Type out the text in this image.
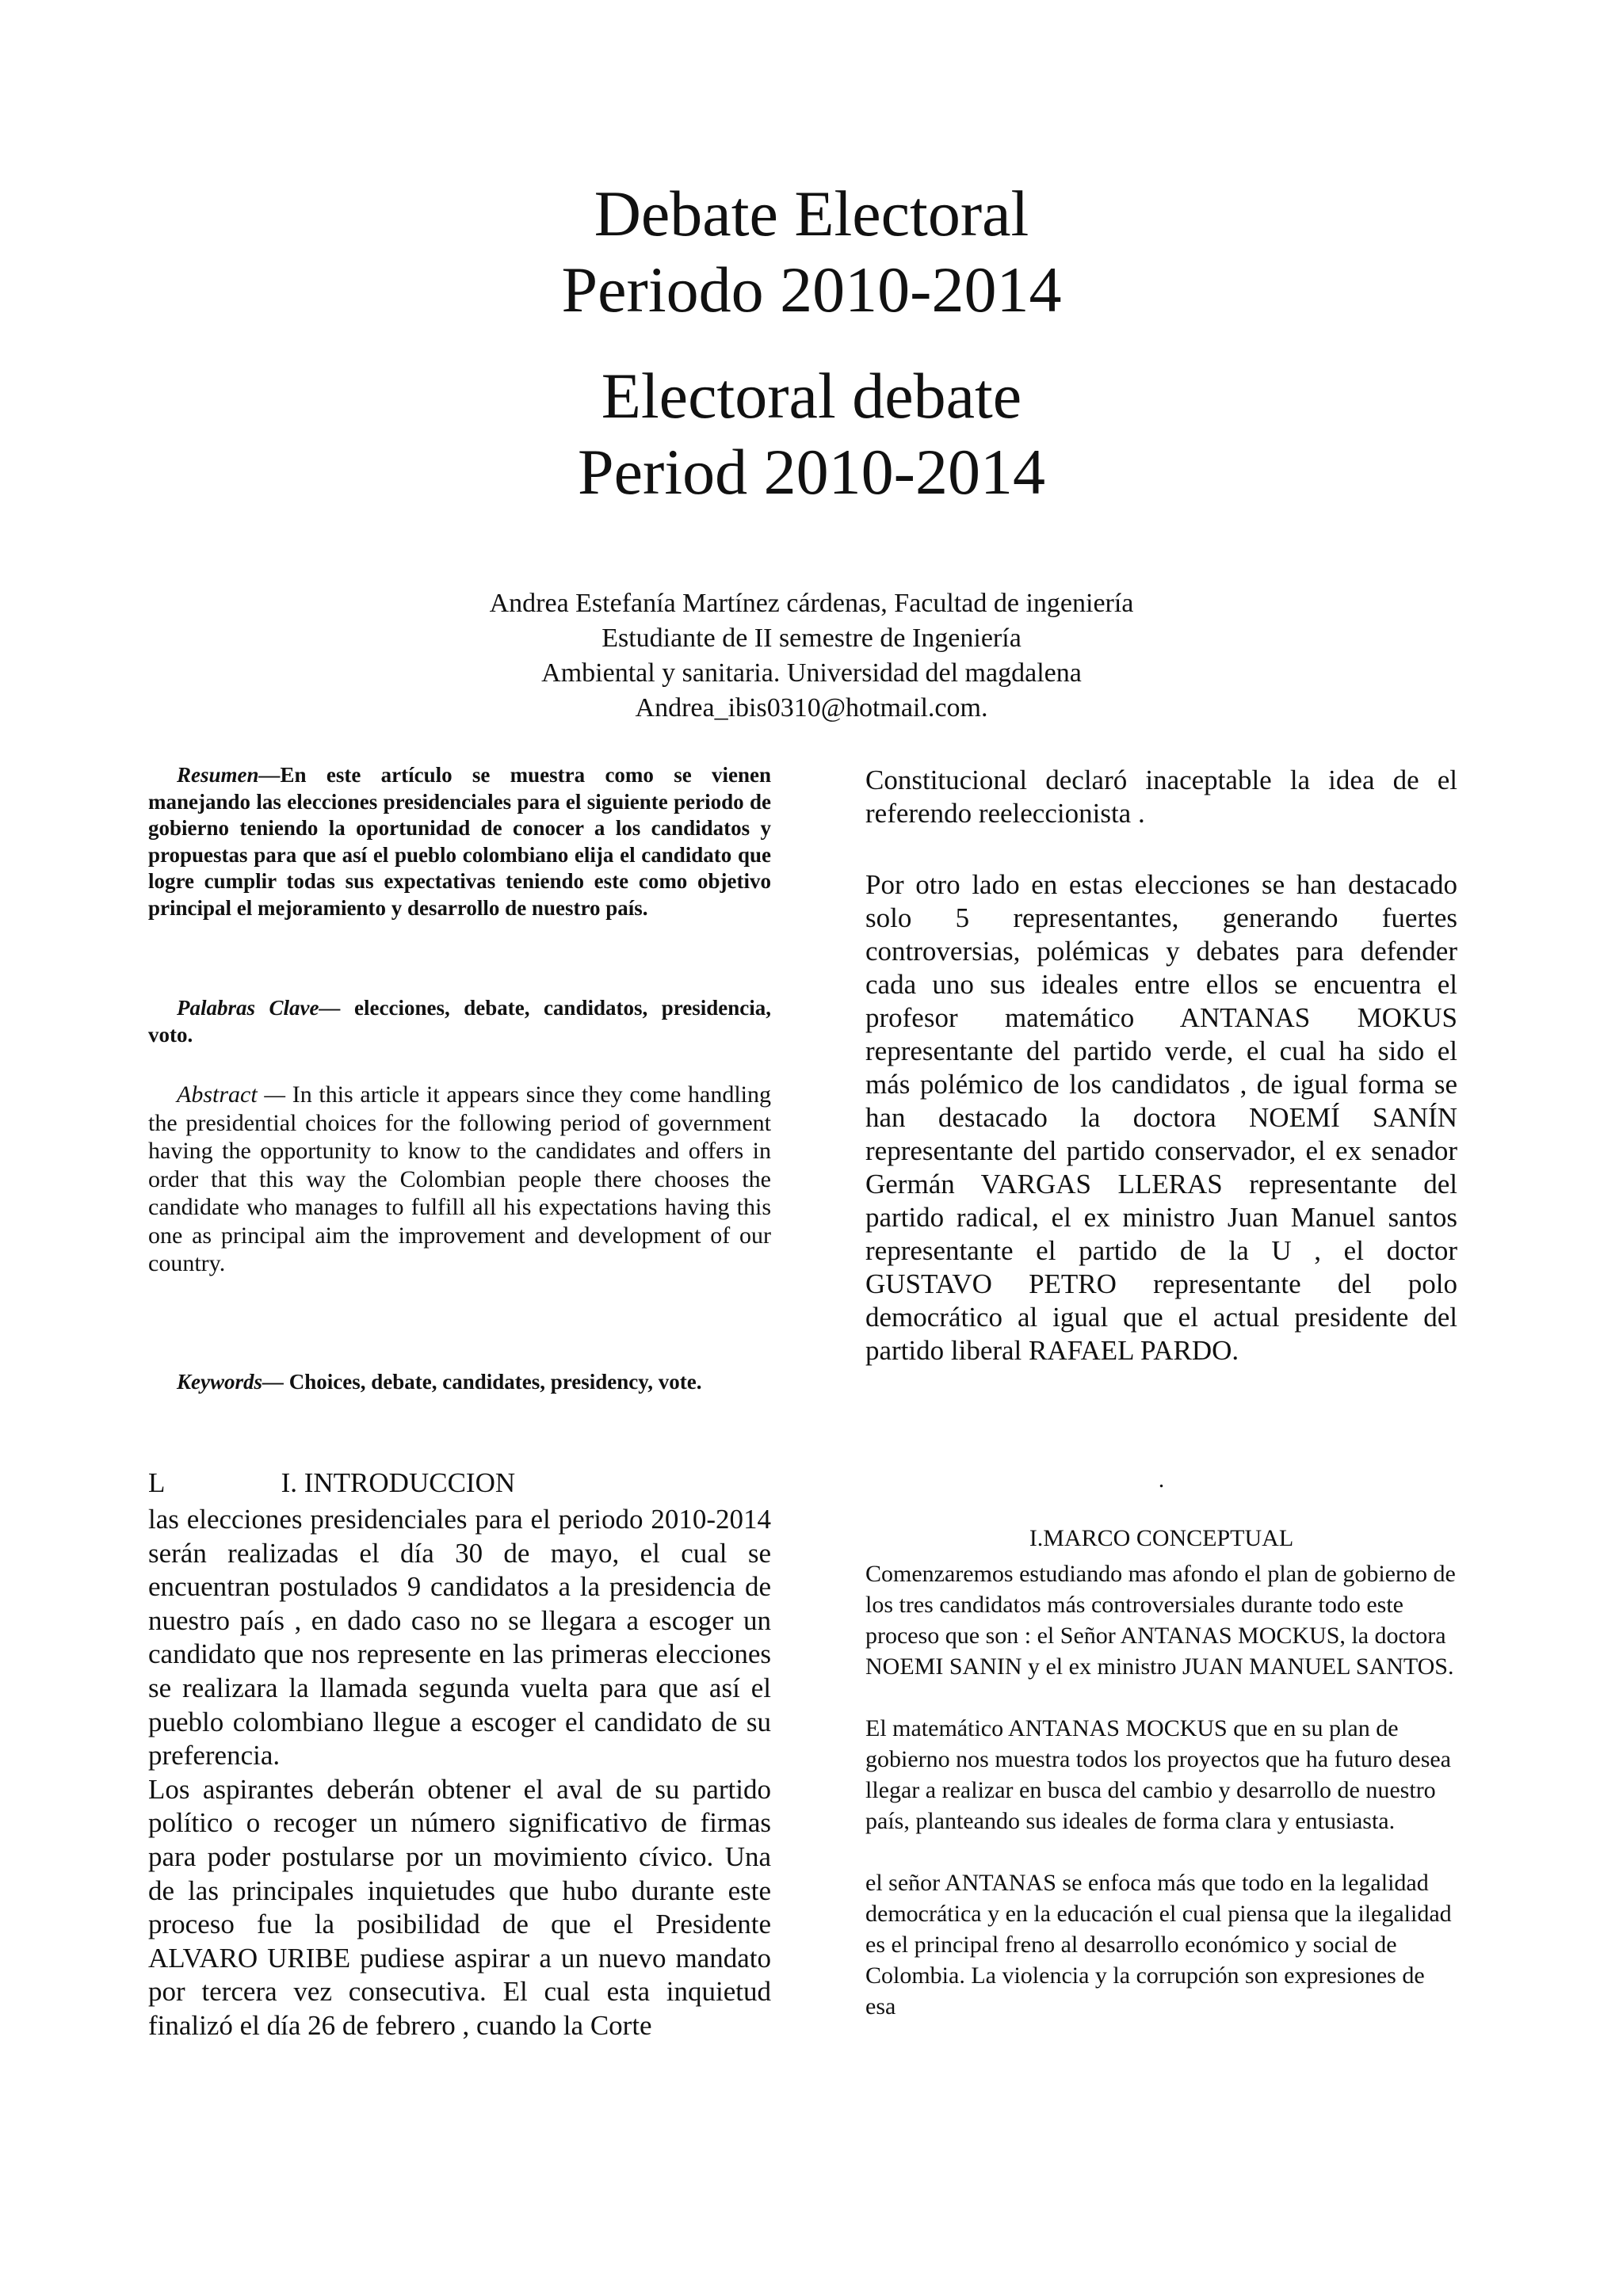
Debate Electoral
Periodo 2010-2014
Electoral debate
Period 2010-2014
Andrea Estefanía Martínez cárdenas, Facultad de ingeniería
Estudiante de II semestre de Ingeniería
Ambiental y sanitaria. Universidad del magdalena
Andrea_ibis0310@hotmail.com.

Resumen—En este artículo se muestra como se vienen manejando las elecciones presidenciales para el siguiente periodo de gobierno teniendo la oportunidad de conocer a los candidatos y propuestas para que así el pueblo colombiano elija el candidato que logre cumplir todas sus expectativas teniendo este como objetivo principal el mejoramiento y desarrollo de nuestro país.

Palabras Clave— elecciones, debate, candidatos, presidencia, voto.

Abstract — In this article it appears since they come handling the presidential choices for the following period of government having the opportunity to know to the candidates and offers in order that this way the Colombian people there chooses the candidate who manages to fulfill all his expectations having this one as principal aim the improvement and development of our country.

Keywords— Choices, debate, candidates, presidency, vote.

L	I. INTRODUCCION

las elecciones presidenciales para el periodo 2010-2014 serán realizadas el día 30 de mayo, el cual se encuentran postulados 9 candidatos a la presidencia de nuestro país , en dado caso no se llegara a escoger un candidato que nos represente en las primeras elecciones se realizara la llamada segunda vuelta para que así el pueblo colombiano llegue a escoger el candidato de su preferencia.

Los aspirantes deberán obtener el aval de su partido político o recoger un número significativo de firmas para poder postularse por un movimiento cívico. Una de las principales inquietudes que hubo durante este proceso fue la posibilidad de que el Presidente ALVARO URIBE pudiese aspirar a un nuevo mandato por tercera vez consecutiva. El cual esta inquietud finalizó el día 26 de febrero , cuando la Corte

Constitucional declaró inaceptable la idea de el referendo reeleccionista .

Por otro lado en estas elecciones se han destacado solo 5 representantes, generando fuertes controversias, polémicas y debates para defender cada uno sus ideales entre ellos se encuentra el profesor matemático ANTANAS MOKUS representante del partido verde, el cual ha sido el más polémico de los candidatos , de igual forma se han destacado la doctora NOEMÍ SANÍN representante del partido conservador, el ex senador Germán VARGAS LLERAS representante del partido radical, el ex ministro Juan Manuel santos representante el partido de la U , el doctor GUSTAVO PETRO representante del polo democrático al igual que el actual presidente del partido liberal RAFAEL PARDO.

.
I.MARCO CONCEPTUAL

Comenzaremos estudiando mas afondo el plan de gobierno de los tres candidatos más controversiales durante todo este proceso que son : el Señor ANTANAS MOCKUS, la doctora NOEMI SANIN y el ex ministro JUAN MANUEL SANTOS.

El matemático ANTANAS MOCKUS que en su plan de gobierno nos muestra todos los proyectos que ha futuro desea llegar a realizar en busca del cambio y desarrollo de nuestro país, planteando sus ideales de forma clara y entusiasta.

el señor ANTANAS se enfoca más que todo en la legalidad democrática y en la educación el cual piensa que la ilegalidad es el principal freno al desarrollo económico y social de Colombia. La violencia y la corrupción son expresiones de esa
